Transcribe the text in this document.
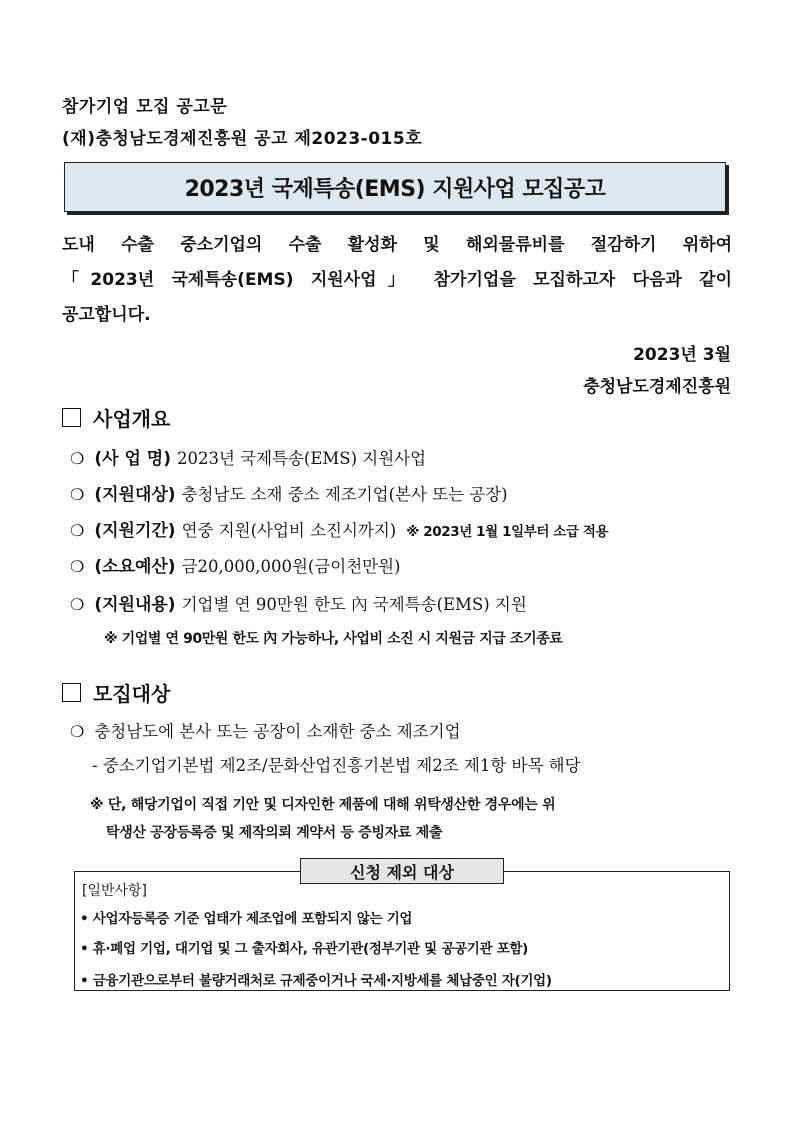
참가기업 모집 공고문
(재)충청남도경제진흥원 공고 제2023-015호
2023년 국제특송(EMS) 지원사업 모집공고
도내 수출 중소기업의 수출 활성화 및 해외물류비를 절감하기 위하여
「2023년 국제특송(EMS) 지원사업」 참가기업을 모집하고자 다음과 같이
공고합니다.
2023년 3월
충청남도경제진흥원
사업개요
❍ (사 업 명) 2023년 국제특송(EMS) 지원사업
❍ (지원대상) 충청남도 소재 중소 제조기업(본사 또는 공장)
❍ (지원기간) 연중 지원(사업비 소진시까지) ※ 2023년 1월 1일부터 소급 적용
❍ (소요예산) 금20,000,000원(금이천만원)
❍ (지원내용) 기업별 연 90만원 한도 內 국제특송(EMS) 지원
※ 기업별 연 90만원 한도 內 가능하나, 사업비 소진 시 지원금 지급 조기종료
모집대상
❍ 충청남도에 본사 또는 공장이 소재한 중소 제조기업
- 중소기업기본법 제2조/문화산업진흥기본법 제2조 제1항 바목 해당
※ 단, 해당기업이 직접 기안 및 디자인한 제품에 대해 위탁생산한 경우에는 위
탁생산 공장등록증 및 제작의뢰 계약서 등 증빙자료 제출
신청 제외 대상
[일반사항]
• 사업자등록증 기준 업태가 제조업에 포함되지 않는 기업
• 휴·폐업 기업, 대기업 및 그 출자회사, 유관기관(정부기관 및 공공기관 포함)
• 금융기관으로부터 불량거래처로 규제중이거나 국세·지방세를 체납중인 자(기업)
